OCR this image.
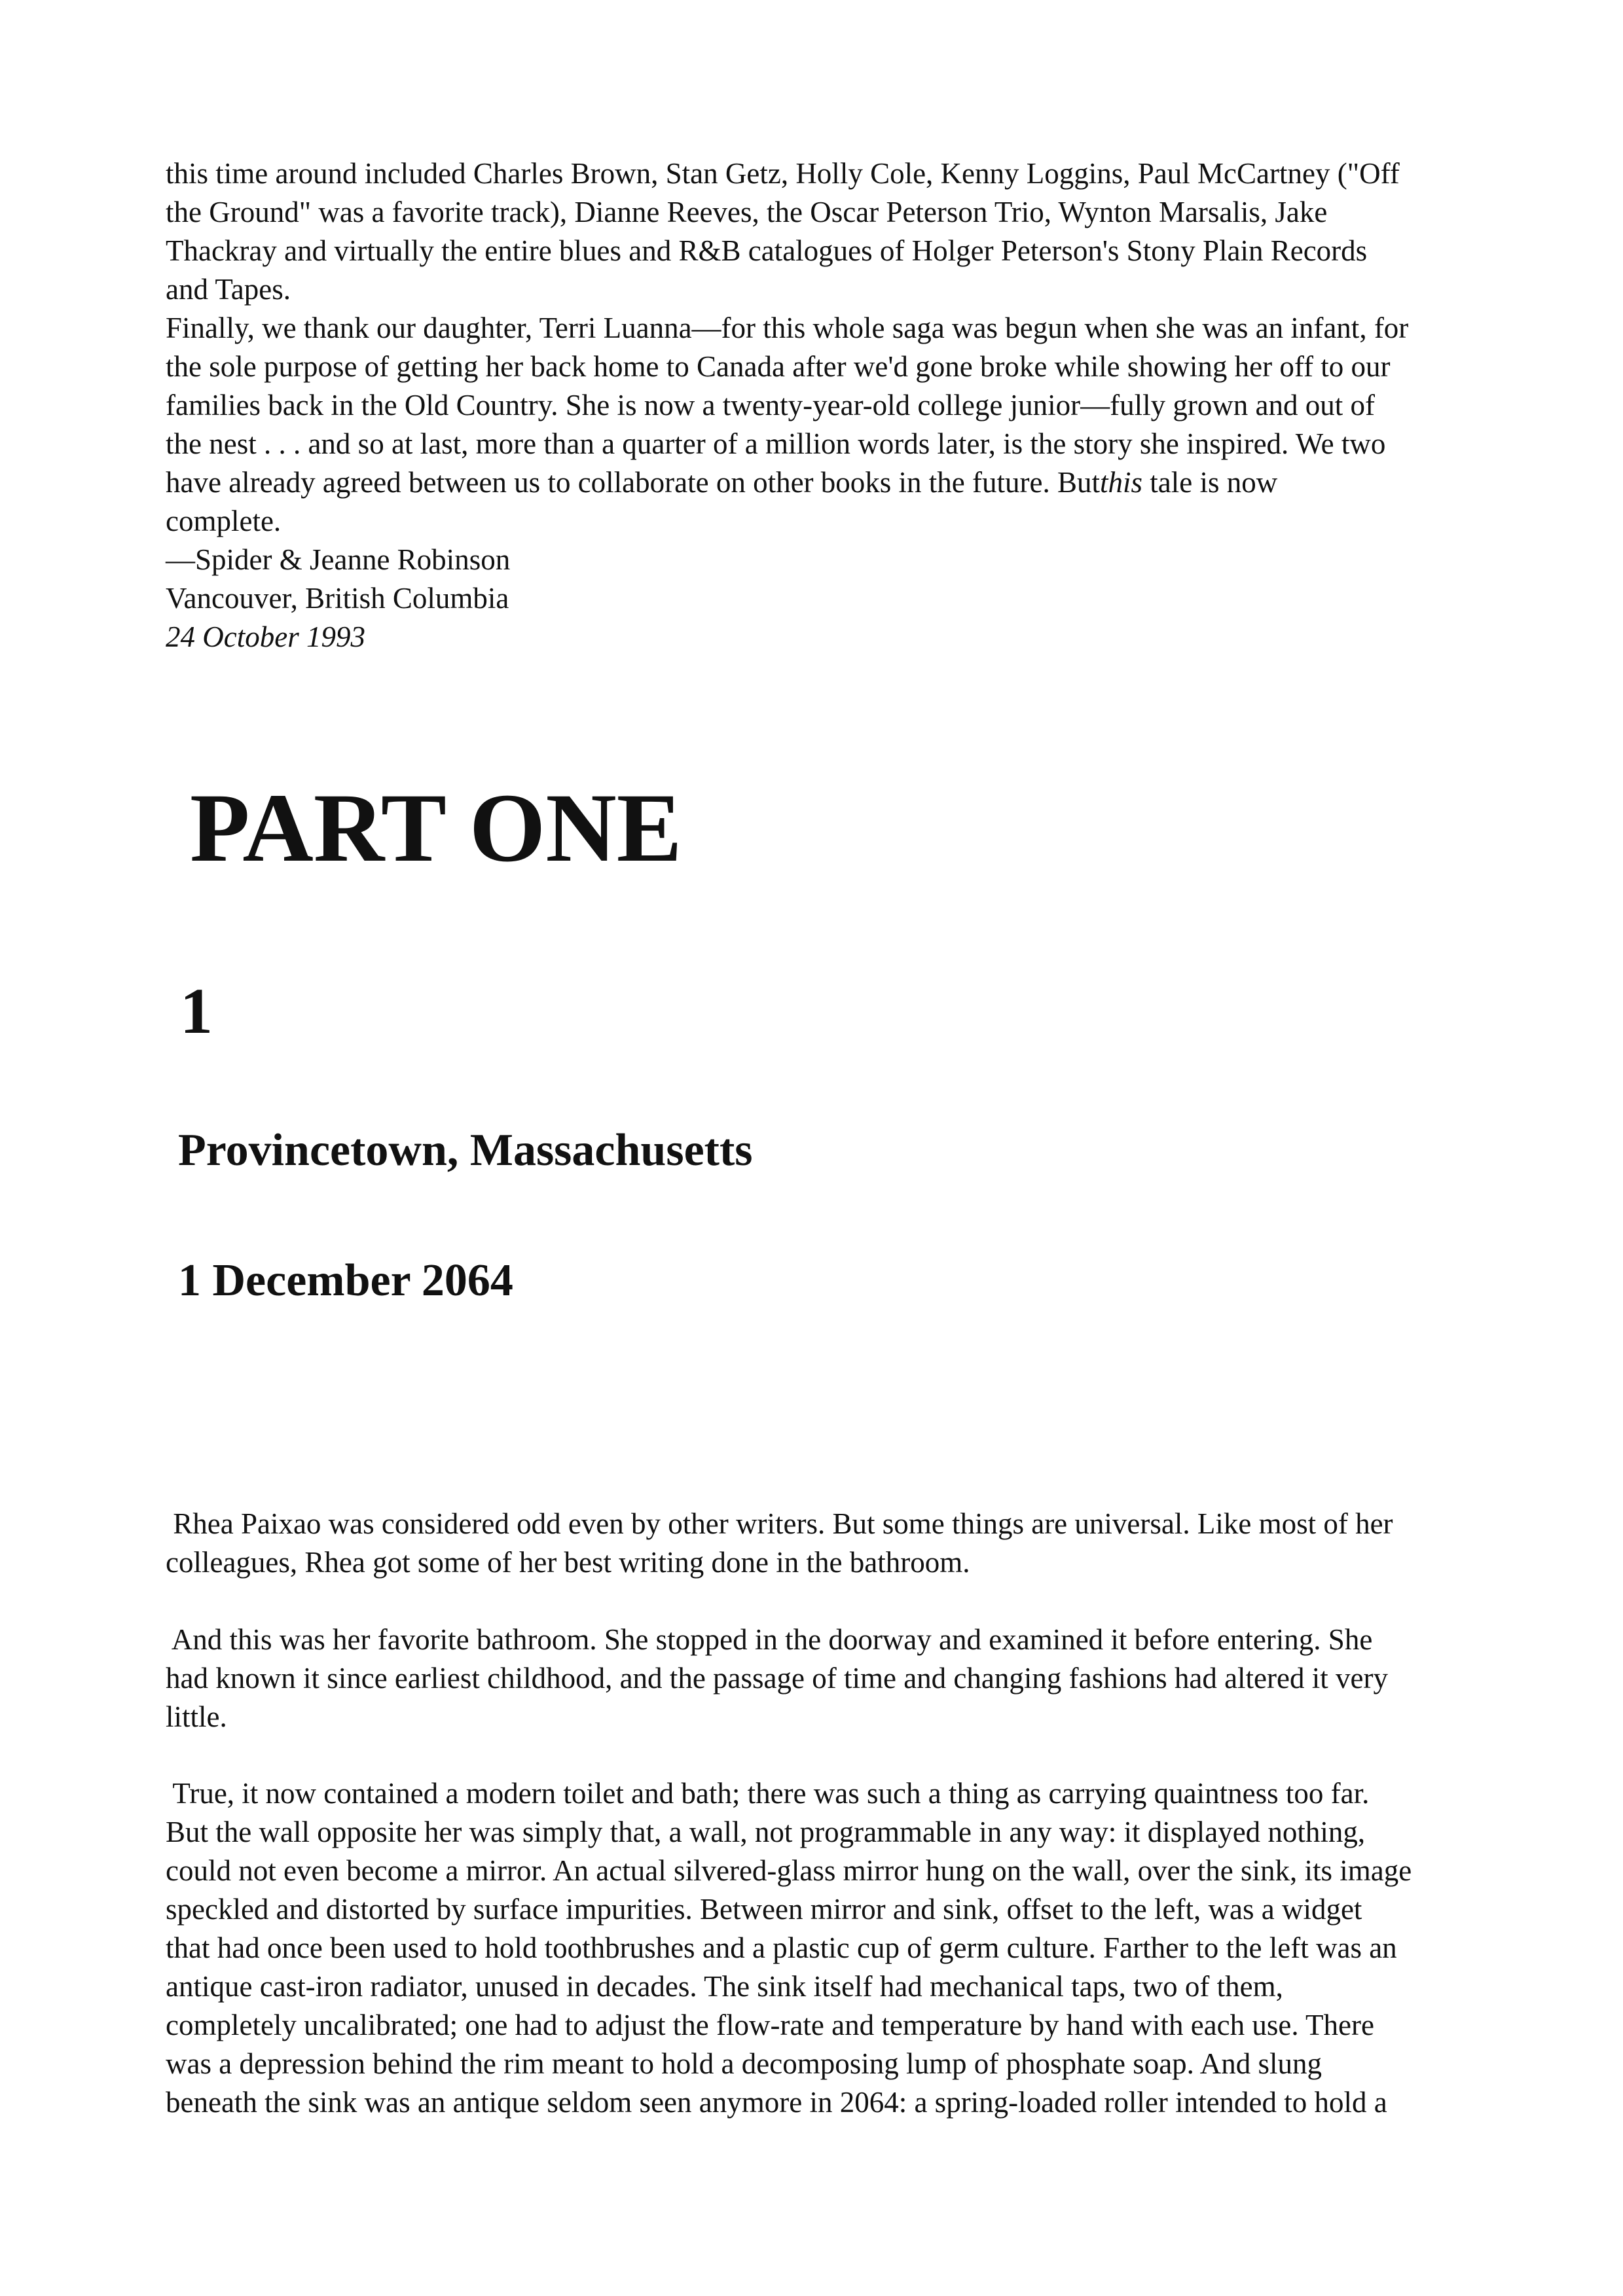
this time around included Charles Brown, Stan Getz, Holly Cole, Kenny Loggins, Paul McCartney ("Off
the Ground" was a favorite track), Dianne Reeves, the Oscar Peterson Trio, Wynton Marsalis, Jake
Thackray and virtually the entire blues and R&B catalogues of Holger Peterson's Stony Plain Records
and Tapes.

Finally, we thank our daughter, Terri Luanna—for this whole saga was begun when she was an infant, for
the sole purpose of getting her back home to Canada after we'd gone broke while showing her off to our
families back in the Old Country. She is now a twenty-year-old college junior—fully grown and out of
the nest . . . and so at last, more than a quarter of a million words later, is the story she inspired. We two
have already agreed between us to collaborate on other books in the future. Butthis tale is now
complete.
—Spider & Jeanne Robinson
Vancouver, British Columbia
24 October 1993

PART ONE
1
Provincetown, Massachusetts
1 December 2064

Rhea Paixao was considered odd even by other writers. But some things are universal. Like most of her
colleagues, Rhea got some of her best writing done in the bathroom.

And this was her favorite bathroom. She stopped in the doorway and examined it before entering. She
had known it since earliest childhood, and the passage of time and changing fashions had altered it very
little.

True, it now contained a modern toilet and bath; there was such a thing as carrying quaintness too far.
But the wall opposite her was simply that, a wall, not programmable in any way: it displayed nothing,
could not even become a mirror. An actual silvered-glass mirror hung on the wall, over the sink, its image
speckled and distorted by surface impurities. Between mirror and sink, offset to the left, was a widget
that had once been used to hold toothbrushes and a plastic cup of germ culture. Farther to the left was an
antique cast-iron radiator, unused in decades. The sink itself had mechanical taps, two of them,
completely uncalibrated; one had to adjust the flow-rate and temperature by hand with each use. There
was a depression behind the rim meant to hold a decomposing lump of phosphate soap. And slung
beneath the sink was an antique seldom seen anymore in 2064: a spring-loaded roller intended to hold a
